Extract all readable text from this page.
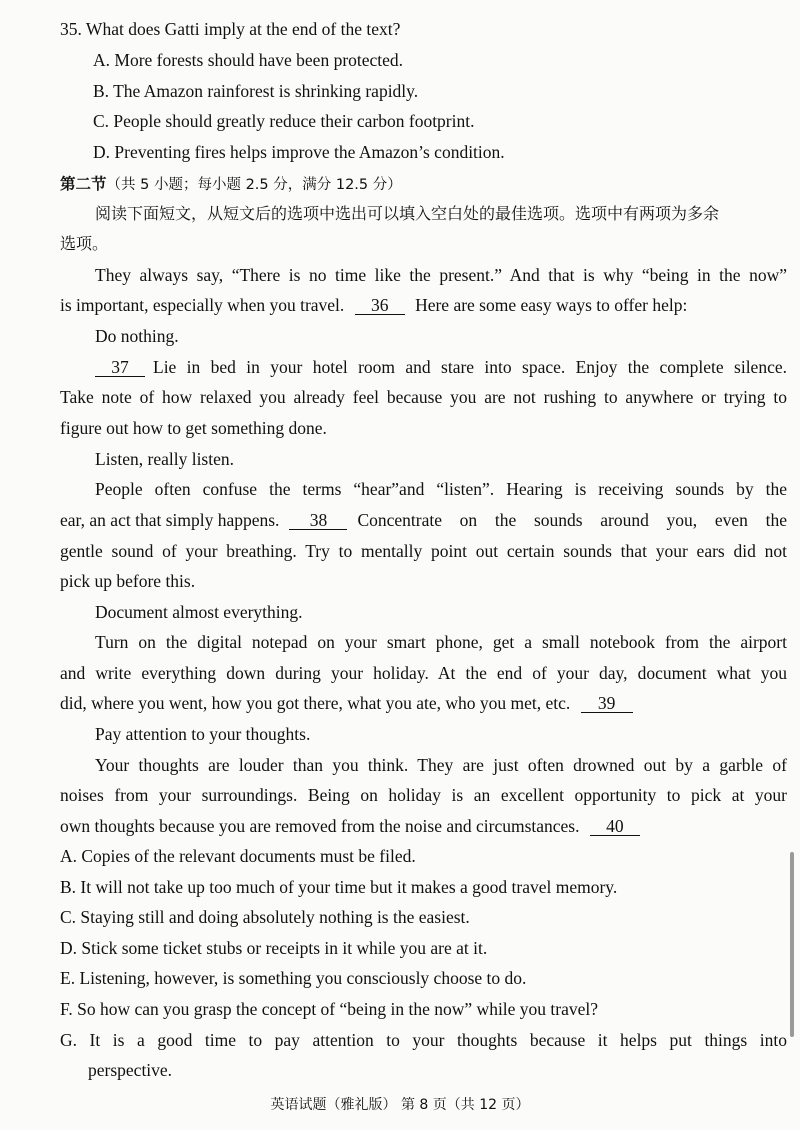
35. What does Gatti imply at the end of the text?
A. More forests should have been protected.
B. The Amazon rainforest is shrinking rapidly.
C. People should greatly reduce their carbon footprint.
D. Preventing fires helps improve the Amazon’s condition.
第二节（共 5 小题；每小题 2.5 分，满分 12.5 分）
阅读下面短文，从短文后的选项中选出可以填入空白处的最佳选项。选项中有两项为多余
选项。
They always say, “There is no time like the present.” And that is why “being in the now”
is important, especially when you travel. 36 Here are some easy ways to offer help:
Do nothing.
37	Lie in bed in your hotel room and stare into space. Enjoy the complete silence.
Take note of how relaxed you already feel because you are not rushing to anywhere or trying to
figure out how to get something done.
Listen, really listen.
People often confuse the terms “hear”and “listen”. Hearing is receiving sounds by the
ear, an act that simply happens.	38	Concentrate on the sounds around you, even the
gentle sound of your breathing. Try to mentally point out certain sounds that your ears did not
pick up before this.
Document almost everything.
Turn on the digital notepad on your smart phone, get a small notebook from the airport
and write everything down during your holiday. At the end of your day, document what you
did, where you went, how you got there, what you ate, who you met, etc. 39
Pay attention to your thoughts.
Your thoughts are louder than you think. They are just often drowned out by a garble of
noises from your surroundings. Being on holiday is an excellent opportunity to pick at your
own thoughts because you are removed from the noise and circumstances. 40
A. Copies of the relevant documents must be filed.
B. It will not take up too much of your time but it makes a good travel memory.
C. Staying still and doing absolutely nothing is the easiest.
D. Stick some ticket stubs or receipts in it while you are at it.
E. Listening, however, is something you consciously choose to do.
F. So how can you grasp the concept of “being in the now” while you travel?
G. It is a good time to pay attention to your thoughts because it helps put things into
perspective.
英语试题（雅礼版） 第 8 页（共 12 页）
